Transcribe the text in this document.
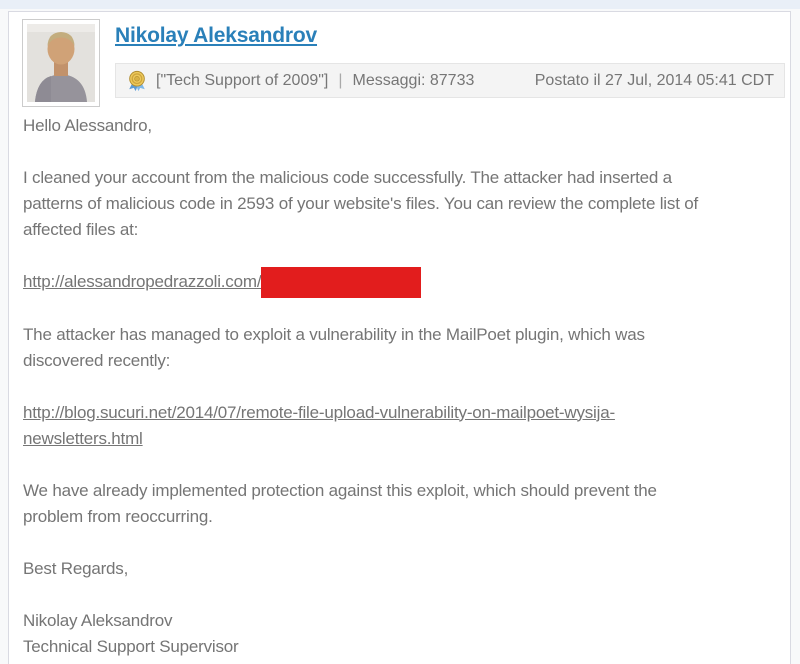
Nikolay Aleksandrov
["Tech Support of 2009"] | Messaggi: 87733	Postato il 27 Jul, 2014 05:41 CDT
Hello Alessandro,
I cleaned your account from the malicious code successfully. The attacker had inserted a
patterns of malicious code in 2593 of your website's files. You can review the complete list of
affected files at:
http://alessandropedrazzoli.com/
The attacker has managed to exploit a vulnerability in the MailPoet plugin, which was
discovered recently:
http://blog.sucuri.net/2014/07/remote-file-upload-vulnerability-on-mailpoet-wysija-
newsletters.html
We have already implemented protection against this exploit, which should prevent the
problem from reoccurring.
Best Regards,
Nikolay Aleksandrov
Technical Support Supervisor
